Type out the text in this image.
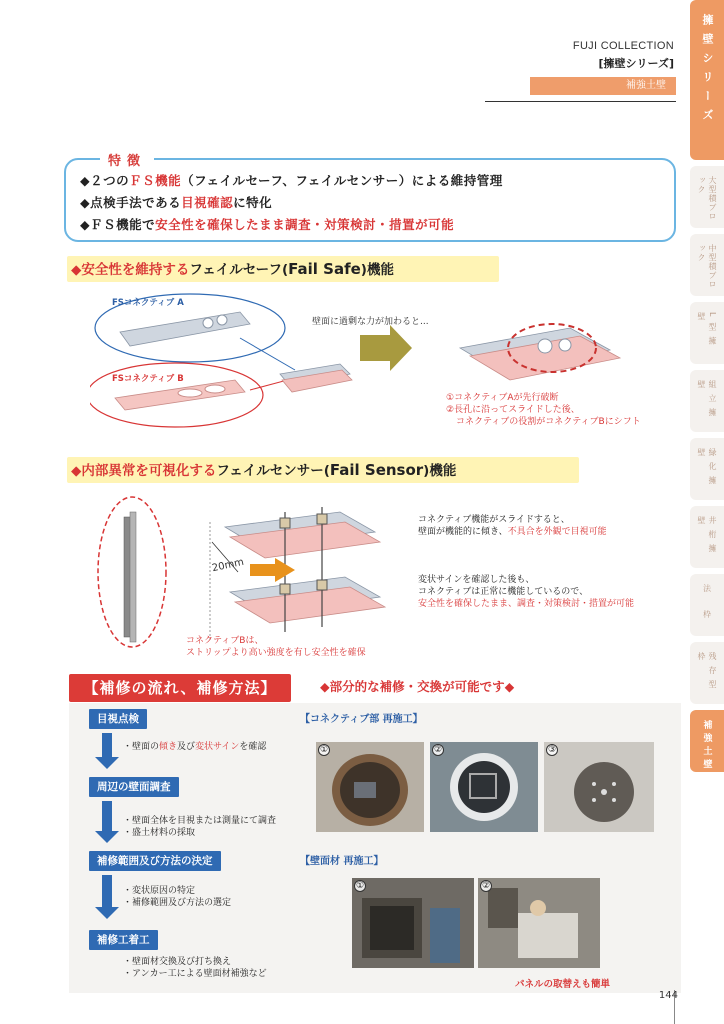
FUJI COLLECTION
[擁壁シリーズ]
補強土壁	擁壁シリーズ
大型積ブロック
中型積ブロック
L型擁壁
組立擁壁
緑化擁壁
井桁擁壁
法枠
残存型枠
補強土壁
◆２つのＦＳ機能（フェイルセーフ、フェイルセンサー）による維持管理
◆点検手法である目視確認に特化
◆ＦＳ機能で安全性を確保したまま調査・対策検討・措置が可能
特徴
◆安全性を維持するフェイルセーフ(Fail Safe)機能
FSコネクティブ A
FSコネクティブ B
壁面に過剰な力が加わると...
①コネクティブAが先行破断
②長孔に沿ってスライドした後、
コネクティブの役割がコネクティブBにシフト
◆内部異常を可視化するフェイルセンサー(Fail Sensor)機能
20mm
コネクティブBは、
ストリップより高い強度を有し安全性を確保
コネクティブ機能がスライドすると、
壁面が機能的に傾き、不具合を外観で目視可能
変状サインを確認した後も、
コネクティブは正常に機能しているので、
安全性を確保したまま、調査・対策検討・措置が可能
【補修の流れ、補修方法】	◆部分的な補修・交換が可能です◆
目視点検
・壁面の傾き及び変状サインを確認
周辺の壁面調査
・壁面全体を目視または測量にて調査
・盛土材料の採取
補修範囲及び方法の決定
・変状原因の特定
・補修範囲及び方法の選定
補修工着工
・壁面材交換及び打ち換え
・アンカー工による壁面材補強など
【コネクティブ部 再施工】
①	②	③
【壁面材 再施工】
①	②
パネルの取替えも簡単
144
